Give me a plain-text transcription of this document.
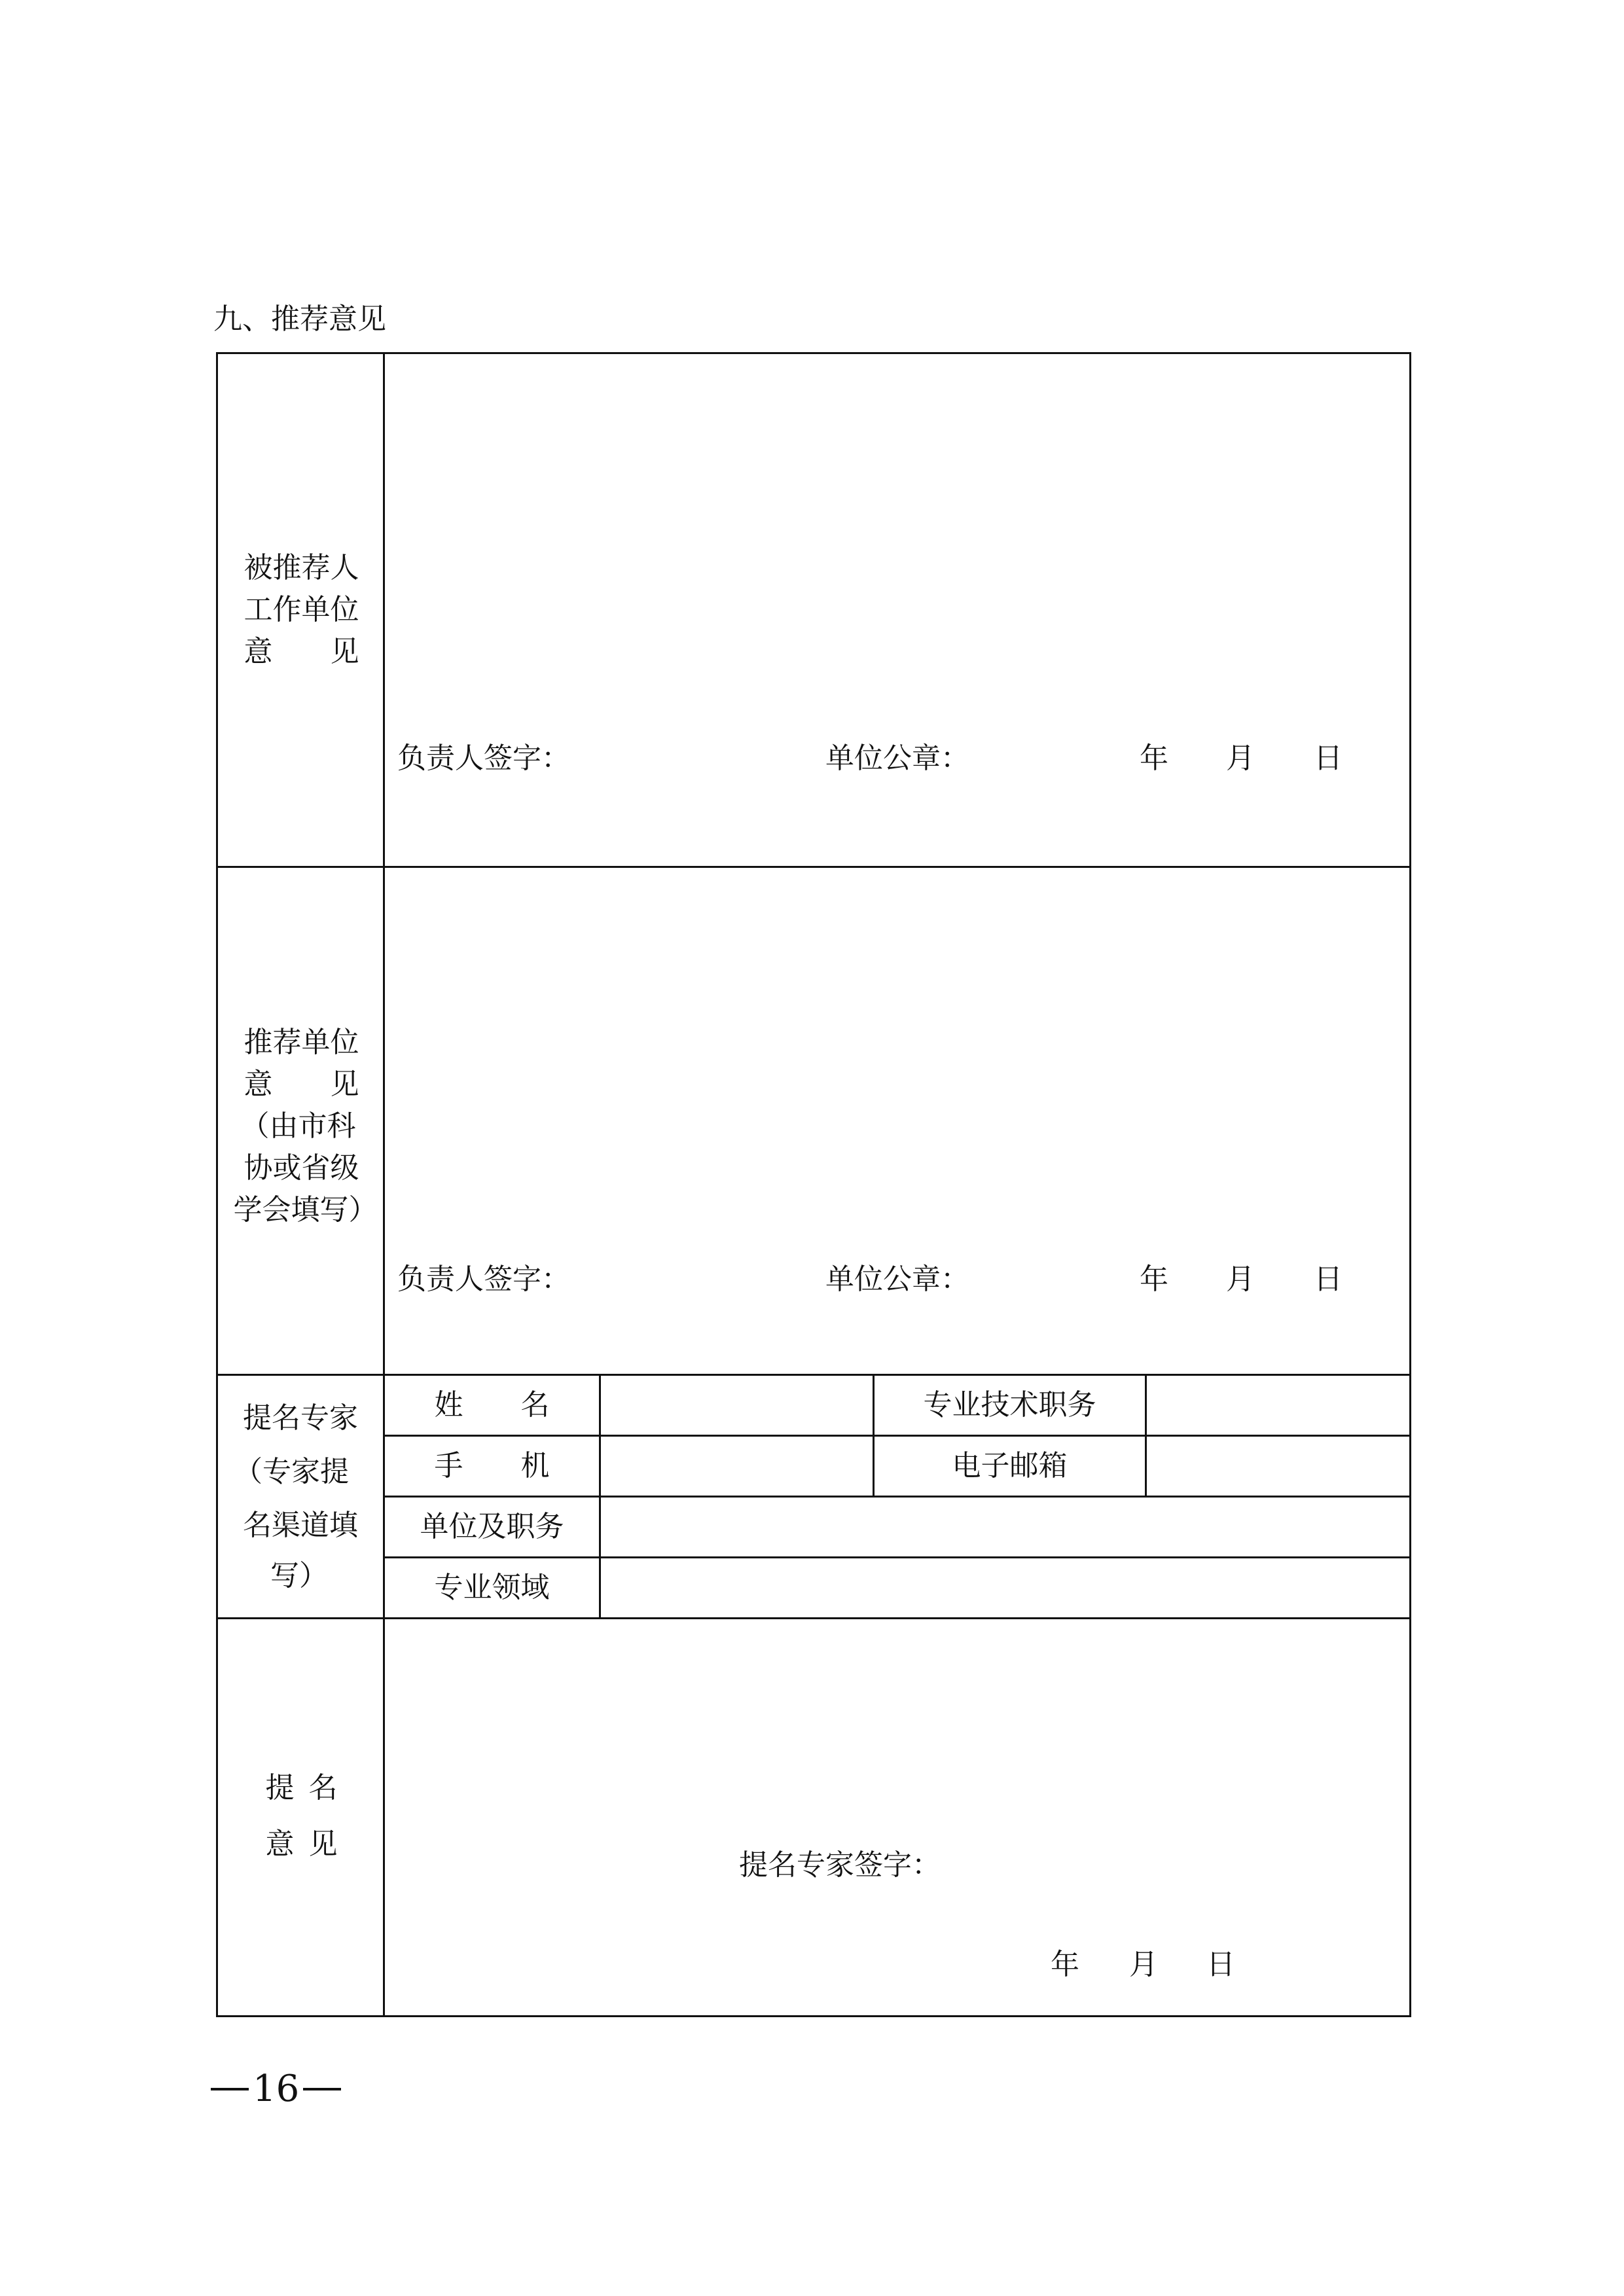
九、推荐意见
被推荐人
工作单位
意 见
负责人签字：	单位公章：	年 月 日
推荐单位
意 见
（由市科
协或省级
学会填写）
负责人签字：	单位公章：	年 月 日
提名专家
（专家提
名渠道填
写）
姓 名	专业技术职务
手 机	电子邮箱
单位及职务
专业领域
提 名
意 见
提名专家签字：
年 月 日
16
